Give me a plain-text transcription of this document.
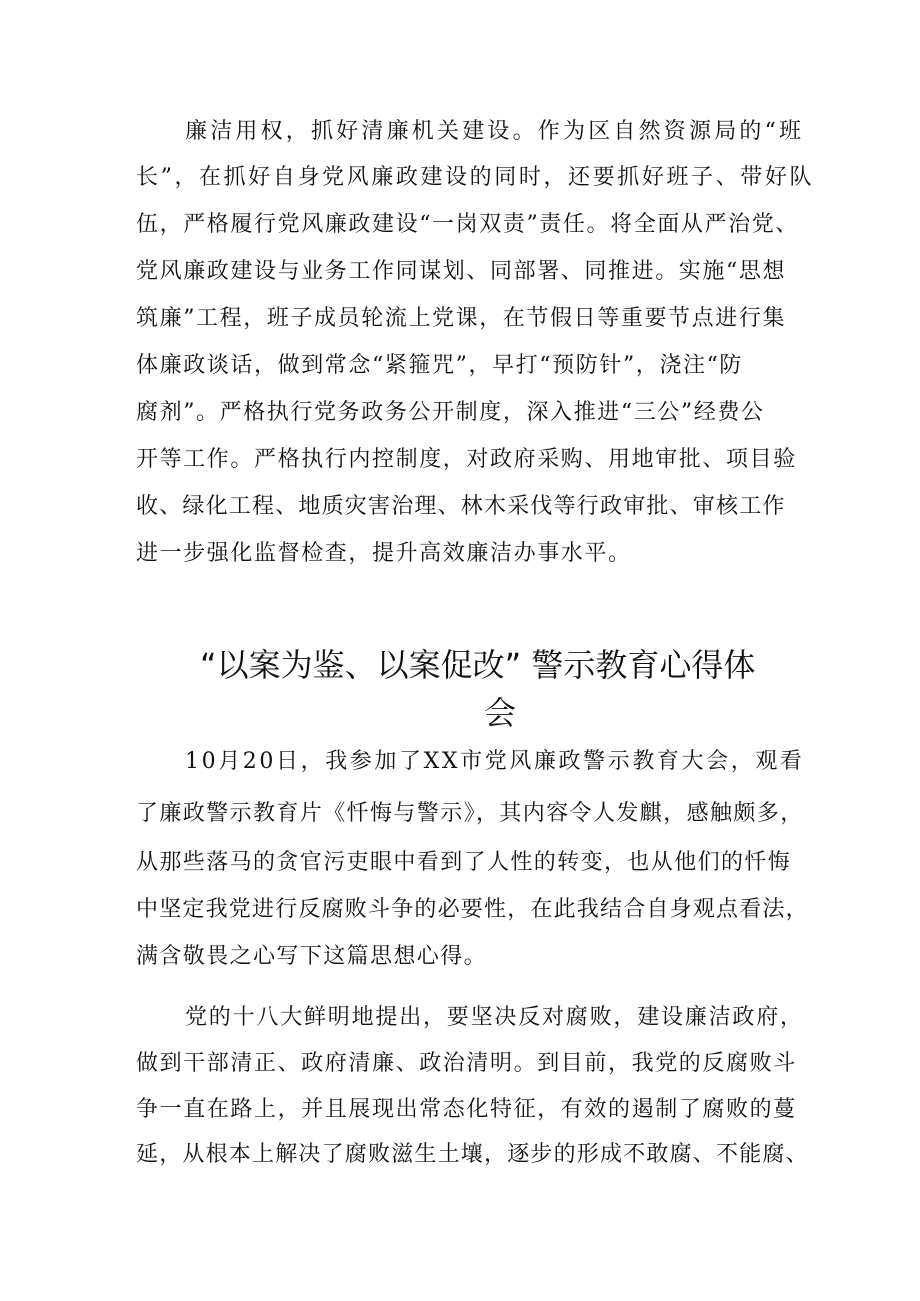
廉洁用权，抓好清廉机关建设。作为区自然资源局的“班

长”，在抓好自身党风廉政建设的同时，还要抓好班子、带好队

伍，严格履行党风廉政建设“一岗双责”责任。将全面从严治党、

党风廉政建设与业务工作同谋划、同部署、同推进。实施“思想

筑廉”工程，班子成员轮流上党课，在节假日等重要节点进行集

体廉政谈话，做到常念“紧箍咒”，早打“预防针”，浇注“防

腐剂”。严格执行党务政务公开制度，深入推进“三公”经费公

开等工作。严格执行内控制度，对政府采购、用地审批、项目验

收、绿化工程、地质灾害治理、林木采伐等行政审批、审核工作

进一步强化监督检查，提升高效廉洁办事水平。

“以案为鉴、以案促改” 警示教育心得体

会

10月20日，我参加了XX市党风廉政警示教育大会，观看

了廉政警示教育片《忏悔与警示》，其内容令人发麒，感触颇多，

从那些落马的贪官污吏眼中看到了人性的转变，也从他们的忏悔

中坚定我党进行反腐败斗争的必要性，在此我结合自身观点看法，

满含敬畏之心写下这篇思想心得。

党的十八大鲜明地提出，要坚决反对腐败，建设廉洁政府，

做到干部清正、政府清廉、政治清明。到目前，我党的反腐败斗

争一直在路上，并且展现出常态化特征，有效的遏制了腐败的蔓

延，从根本上解决了腐败滋生土壤，逐步的形成不敢腐、不能腐、
